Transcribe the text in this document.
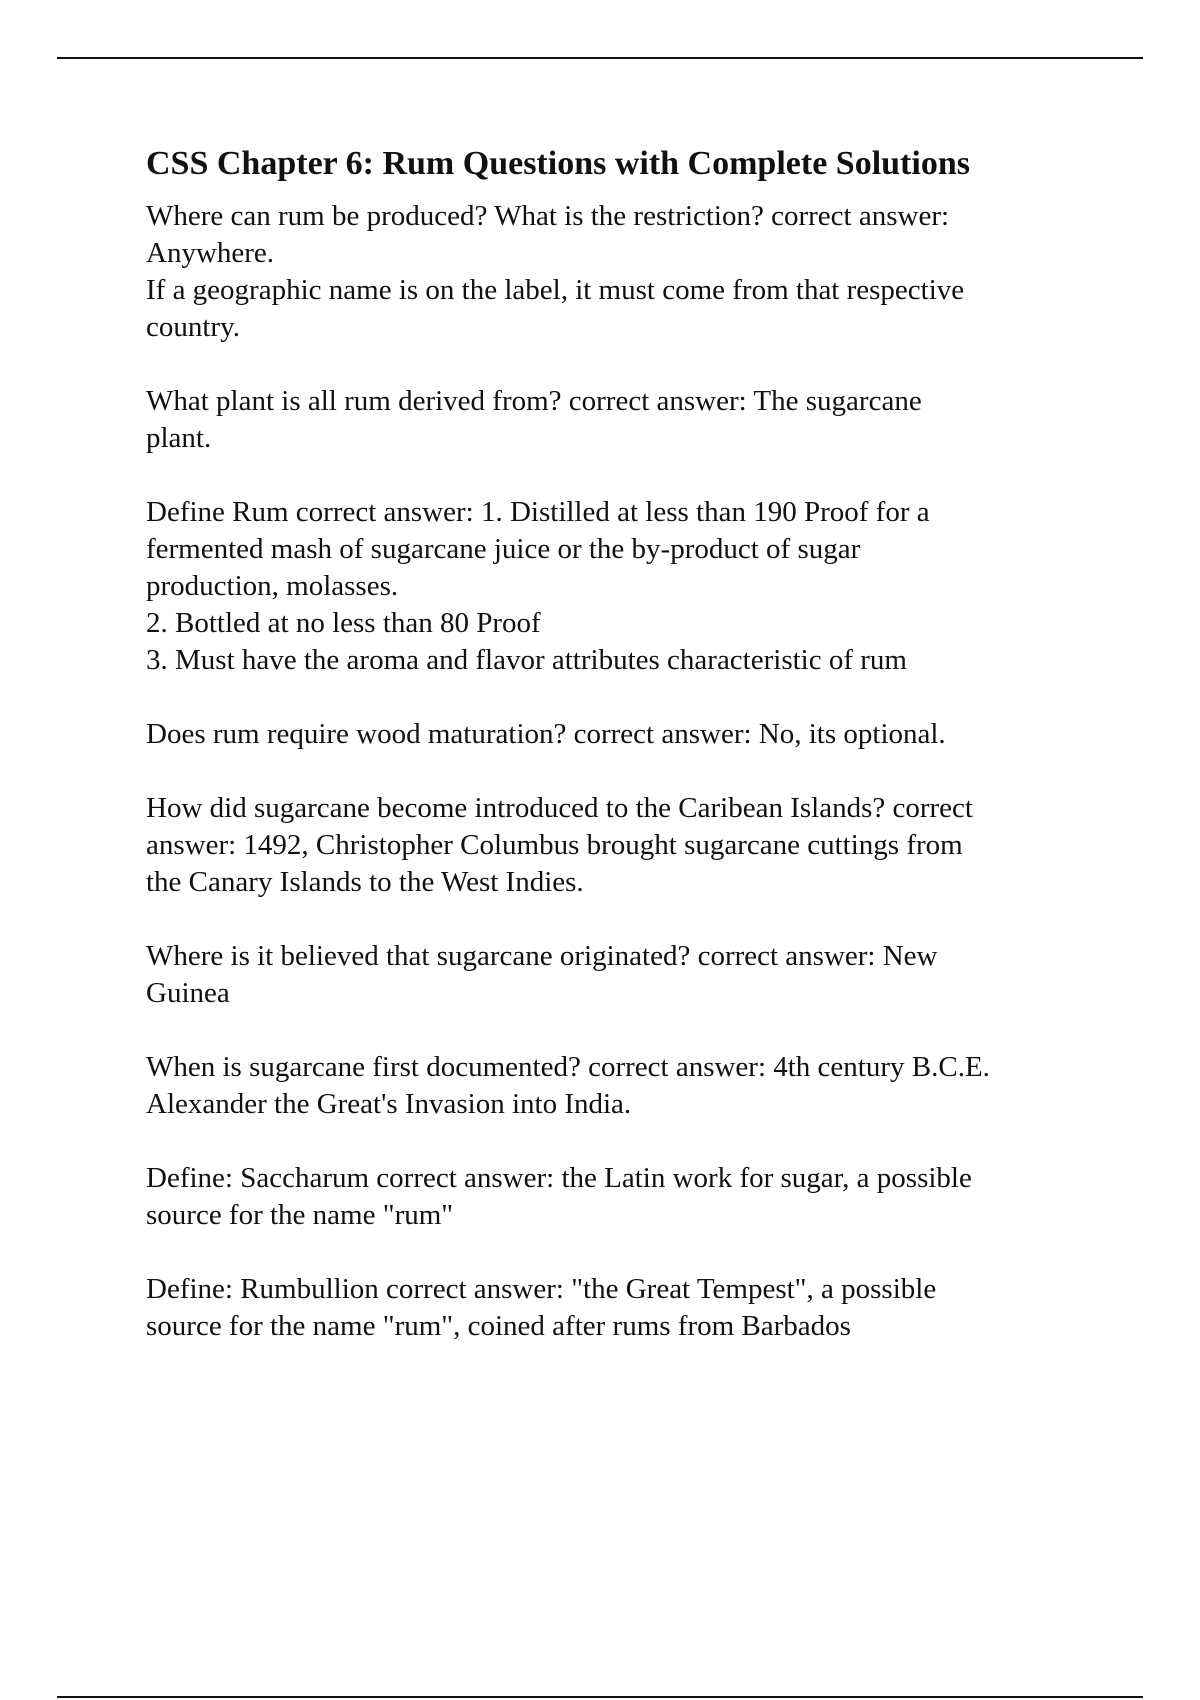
CSS Chapter 6: Rum Questions with Complete Solutions
Where can rum be produced? What is the restriction? correct answer:
Anywhere.
If a geographic name is on the label, it must come from that respective
country.
What plant is all rum derived from? correct answer: The sugarcane
plant.
Define Rum correct answer: 1. Distilled at less than 190 Proof for a
fermented mash of sugarcane juice or the by-product of sugar
production, molasses.
2. Bottled at no less than 80 Proof
3. Must have the aroma and flavor attributes characteristic of rum
Does rum require wood maturation? correct answer: No, its optional.
How did sugarcane become introduced to the Caribean Islands? correct
answer: 1492, Christopher Columbus brought sugarcane cuttings from
the Canary Islands to the West Indies.
Where is it believed that sugarcane originated? correct answer: New
Guinea
When is sugarcane first documented? correct answer: 4th century B.C.E.
Alexander the Great's Invasion into India.
Define: Saccharum correct answer: the Latin work for sugar, a possible
source for the name "rum"
Define: Rumbullion correct answer: "the Great Tempest", a possible
source for the name "rum", coined after rums from Barbados
